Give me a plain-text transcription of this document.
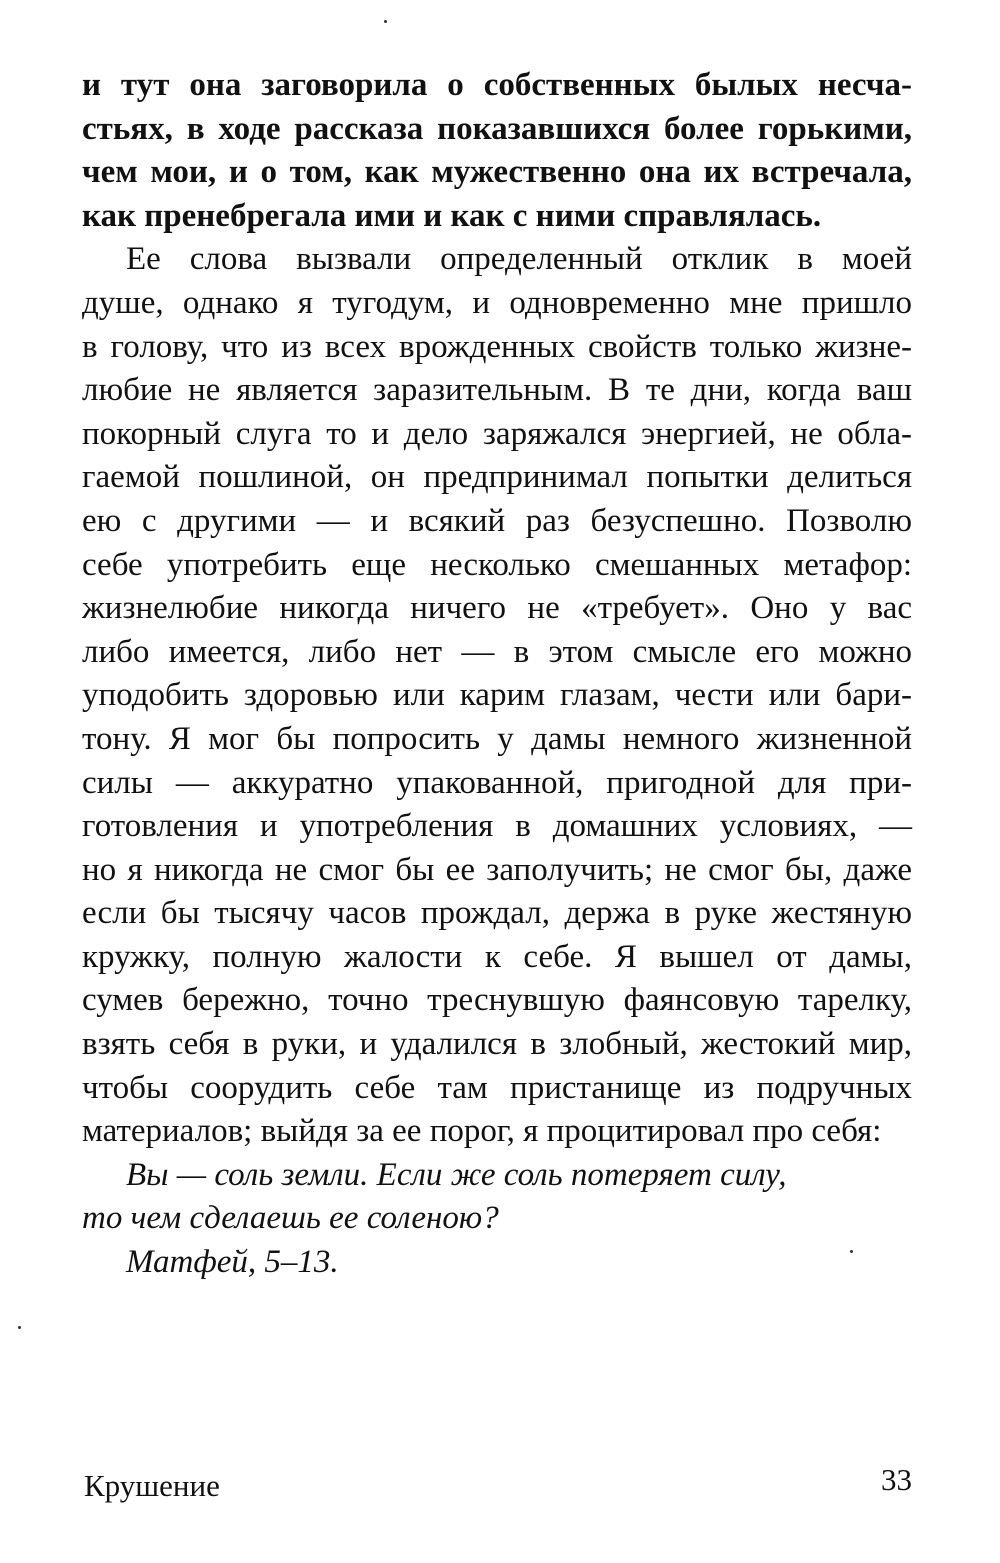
и тут она заговорила о собственных былых несча-
стьях, в ходе рассказа показавшихся более горькими,
чем мои, и о том, как мужественно она их встречала,
как пренебрегала ими и как с ними справлялась.
Ее слова вызвали определенный отклик в моей
душе, однако я тугодум, и одновременно мне пришло
в голову, что из всех врожденных свойств только жизне-
любие не является заразительным. В те дни, когда ваш
покорный слуга то и дело заряжался энергией, не обла-
гаемой пошлиной, он предпринимал попытки делиться
ею с другими — и всякий раз безуспешно. Позволю
себе употребить еще несколько смешанных метафор:
жизнелюбие никогда ничего не «требует». Оно у вас
либо имеется, либо нет — в этом смысле его можно
уподобить здоровью или карим глазам, чести или бари-
тону. Я мог бы попросить у дамы немного жизненной
силы — аккуратно упакованной, пригодной для при-
готовления и употребления в домашних условиях, —
но я никогда не смог бы ее заполучить; не смог бы, даже
если бы тысячу часов прождал, держа в руке жестяную
кружку, полную жалости к себе. Я вышел от дамы,
сумев бережно, точно треснувшую фаянсовую тарелку,
взять себя в руки, и удалился в злобный, жестокий мир,
чтобы соорудить себе там пристанище из подручных
материалов; выйдя за ее порог, я процитировал про себя:
Вы — соль земли. Если же соль потеряет силу,
то чем сделаешь ее соленою?
Матфей, 5–13.
Крушение	33
